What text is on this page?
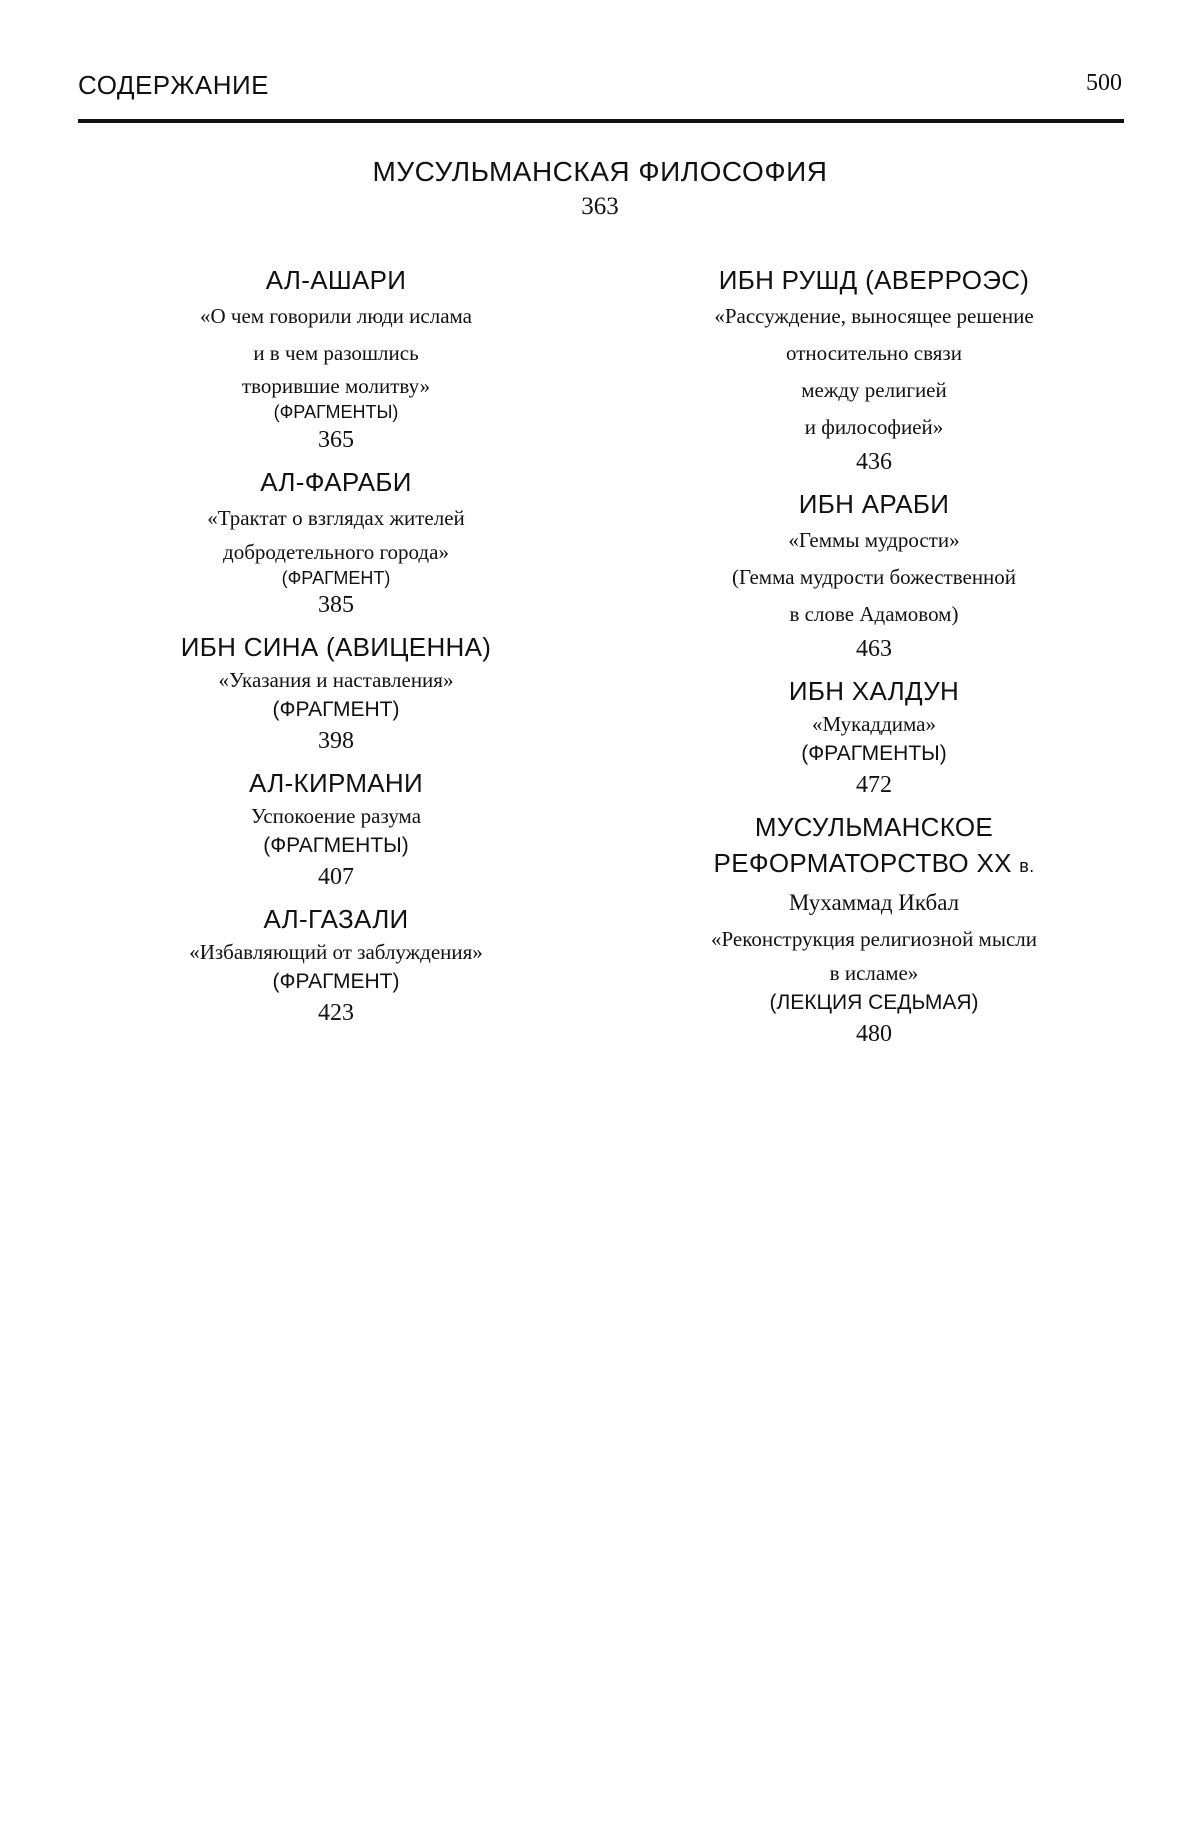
СОДЕРЖАНИЕ	500
МУСУЛЬМАНСКАЯ ФИЛОСОФИЯ
363
АЛ-АШАРИ
«О чем говорили люди ислама
и в чем разошлись
творившие молитву»
(ФРАГМЕНТЫ)
365
АЛ-ФАРАБИ
«Трактат о взглядах жителей
добродетельного города»
(ФРАГМЕНТ)
385
ИБН СИНА (АВИЦЕННА)
«Указания и наставления»
(ФРАГМЕНТ)
398
АЛ-КИРМАНИ
Успокоение разума
(ФРАГМЕНТЫ)
407
АЛ-ГАЗАЛИ
«Избавляющий от заблуждения»
(ФРАГМЕНТ)
423
ИБН РУШД (АВЕРРОЭС)
«Рассуждение, выносящее решение
относительно связи
между религией
и философией»
436
ИБН АРАБИ
«Геммы мудрости»
(Гемма мудрости божественной
в слове Адамовом)
463
ИБН ХАЛДУН
«Мукаддима»
(ФРАГМЕНТЫ)
472
МУСУЛЬМАНСКОЕ
РЕФОРМАТОРСТВО XX в.
Мухаммад Икбал
«Реконструкция религиозной мысли
в исламе»
(ЛЕКЦИЯ СЕДЬМАЯ)
480
